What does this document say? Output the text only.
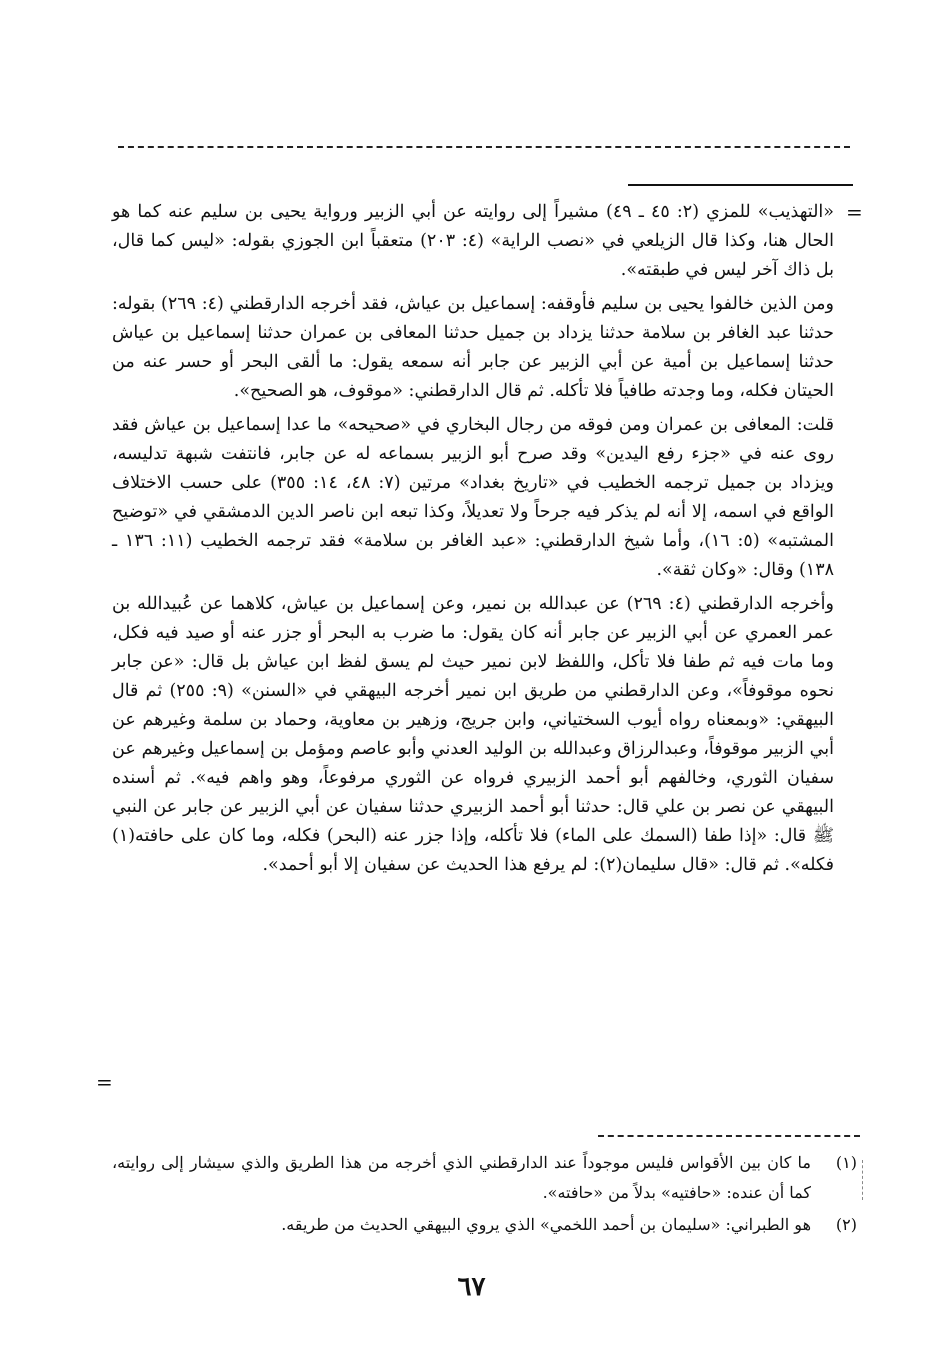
=

«التهذيب» للمزي (٢: ٤٥ ـ ٤٩) مشيراً إلى روايته عن أبي الزبير ورواية يحيى بن سليم عنه كما هو الحال هنا، وكذا قال الزيلعي في «نصب الراية» (٤: ٢٠٣) متعقباً ابن الجوزي بقوله: «ليس كما قال، بل ذاك آخر ليس في طبقته».

ومن الذين خالفوا يحيى بن سليم فأوقفه: إسماعيل بن عياش، فقد أخرجه الدارقطني (٤: ٢٦٩) بقوله: حدثنا عبد الغافر بن سلامة حدثنا يزداد بن جميل حدثنا المعافى بن عمران حدثنا إسماعيل بن عياش حدثنا إسماعيل بن أمية عن أبي الزبير عن جابر أنه سمعه يقول: ما ألقى البحر أو حسر عنه من الحيتان فكله، وما وجدته طافياً فلا تأكله. ثم قال الدارقطني: «موقوف، هو الصحيح».

قلت: المعافى بن عمران ومن فوقه من رجال البخاري في «صحيحه» ما عدا إسماعيل بن عياش فقد روى عنه في «جزء رفع اليدين» وقد صرح أبو الزبير بسماعه له عن جابر، فانتفت شبهة تدليسه، ويزداد بن جميل ترجمه الخطيب في «تاريخ بغداد» مرتين (٧: ٤٨، ١٤: ٣٥٥) على حسب الاختلاف الواقع في اسمه، إلا أنه لم يذكر فيه جرحاً ولا تعديلاً، وكذا تبعه ابن ناصر الدين الدمشقي في «توضيح المشتبه» (٥: ١٦)، وأما شيخ الدارقطني: «عبد الغافر بن سلامة» فقد ترجمه الخطيب (١١: ١٣٦ ـ ١٣٨) وقال: «وكان ثقة».

وأخرجه الدارقطني (٤: ٢٦٩) عن عبدالله بن نمير، وعن إسماعيل بن عياش، كلاهما عن عُبيدالله بن عمر العمري عن أبي الزبير عن جابر أنه كان يقول: ما ضرب به البحر أو جزر عنه أو صيد فيه فكل، وما مات فيه ثم طفا فلا تأكل، واللفظ لابن نمير حيث لم يسق لفظ ابن عياش بل قال: «عن جابر نحوه موقوفاً»، وعن الدارقطني من طريق ابن نمير أخرجه البيهقي في «السنن» (٩: ٢٥٥) ثم قال البيهقي: «وبمعناه رواه أيوب السختياني، وابن جريج، وزهير بن معاوية، وحماد بن سلمة وغيرهم عن أبي الزبير موقوفاً، وعبدالرزاق وعبدالله بن الوليد العدني وأبو عاصم ومؤمل بن إسماعيل وغيرهم عن سفيان الثوري، وخالفهم أبو أحمد الزبيري فرواه عن الثوري مرفوعاً، وهو واهم فيه». ثم أسنده البيهقي عن نصر بن علي قال: حدثنا أبو أحمد الزبيري حدثنا سفيان عن أبي الزبير عن جابر عن النبي ﷺ قال: «إذا طفا (السمك على الماء) فلا تأكله، وإذا جزر عنه (البحر) فكله، وما كان على حافته(١) فكله». ثم قال: «قال سليمان(٢): لم يرفع هذا الحديث عن سفيان إلا أبو أحمد».

=
(١)
ما كان بين الأقواس فليس موجوداً عند الدارقطني الذي أخرجه من هذا الطريق والذي سيشار إلى روايته، كما أن عنده: «حافتيه» بدلاً من «حافته».
(٢)
هو الطبراني: «سليمان بن أحمد اللخمي» الذي يروي البيهقي الحديث من طريقه.
٦٧
